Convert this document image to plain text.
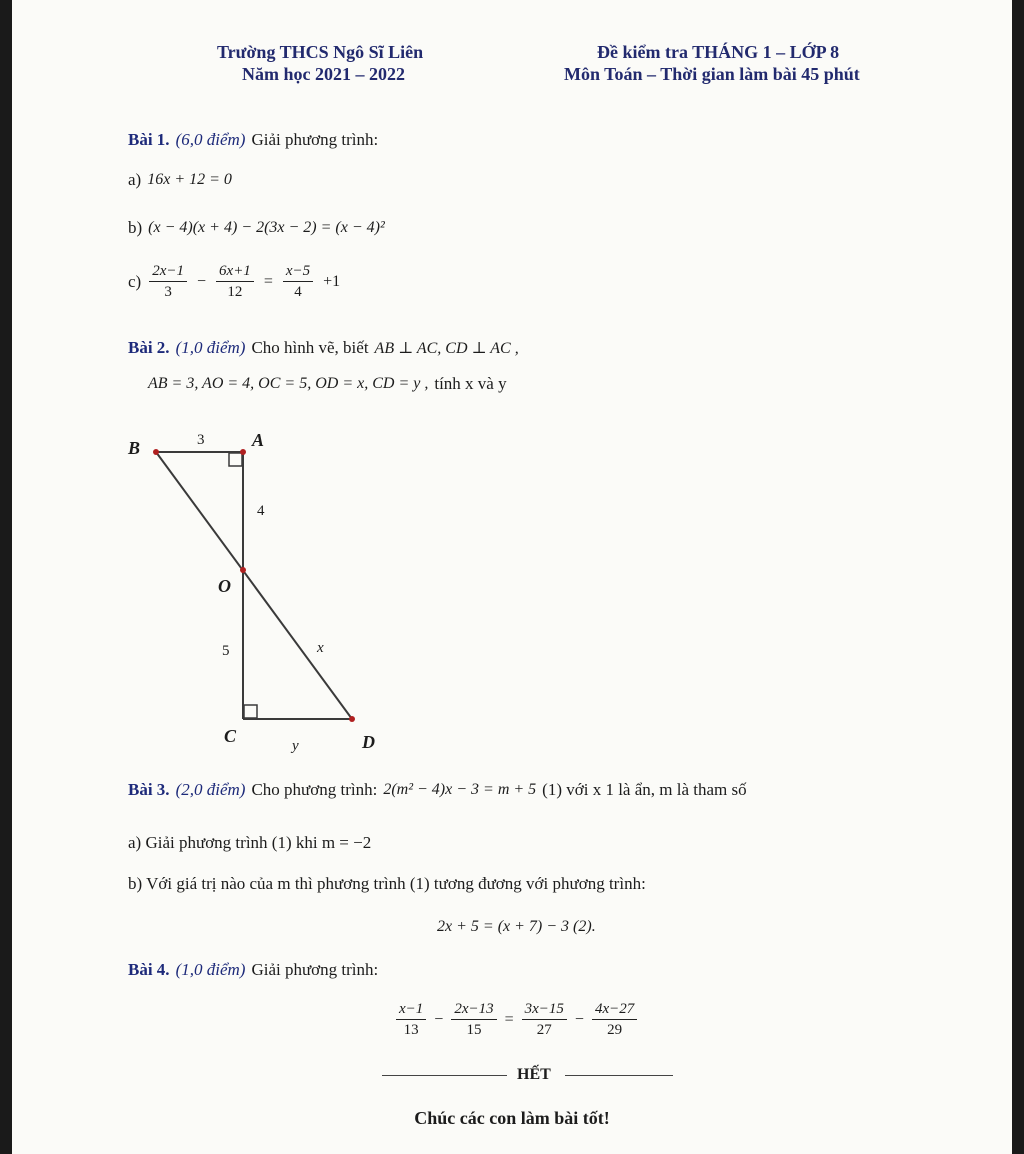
Trường THCS Ngô Sĩ Liên
Năm học 2021 – 2022
Đề kiểm tra THÁNG 1 – LỚP 8
Môn Toán – Thời gian làm bài 45 phút
Bài 1. (6,0 điểm) Giải phương trình:
a) 16x + 12 = 0
b) (x − 4)(x + 4) − 2(3x − 2) = (x − 4)²
$c) \frac{2x-1}{3} - \frac{6x+1}{12} = \frac{x-5}{4} +1$
Bài 2. (1,0 điểm) Cho hình vẽ, biết AB ⊥ AC, CD ⊥ AC ,
AB = 3, AO = 4, OC = 5, OD = x, CD = y , tính x và y
B	A
O
C	D
3
4
5	x
y
Bài 3. (2,0 điểm) Cho phương trình: 2(m² − 4)x − 3 = m + 5 (1) với x 1 là ẩn, m là tham số
a) Giải phương trình (1) khi m = −2
b) Với giá trị nào của m thì phương trình (1) tương đương với phương trình:
2x + 5 = (x + 7) − 3 (2).
Bài 4. (1,0 điểm) Giải phương trình:
$\frac{x-1}{13} - \frac{2x-13}{15} = \frac{3x-15}{27} - \frac{4x-27}{29}$
HẾT
Chúc các con làm bài tốt!
